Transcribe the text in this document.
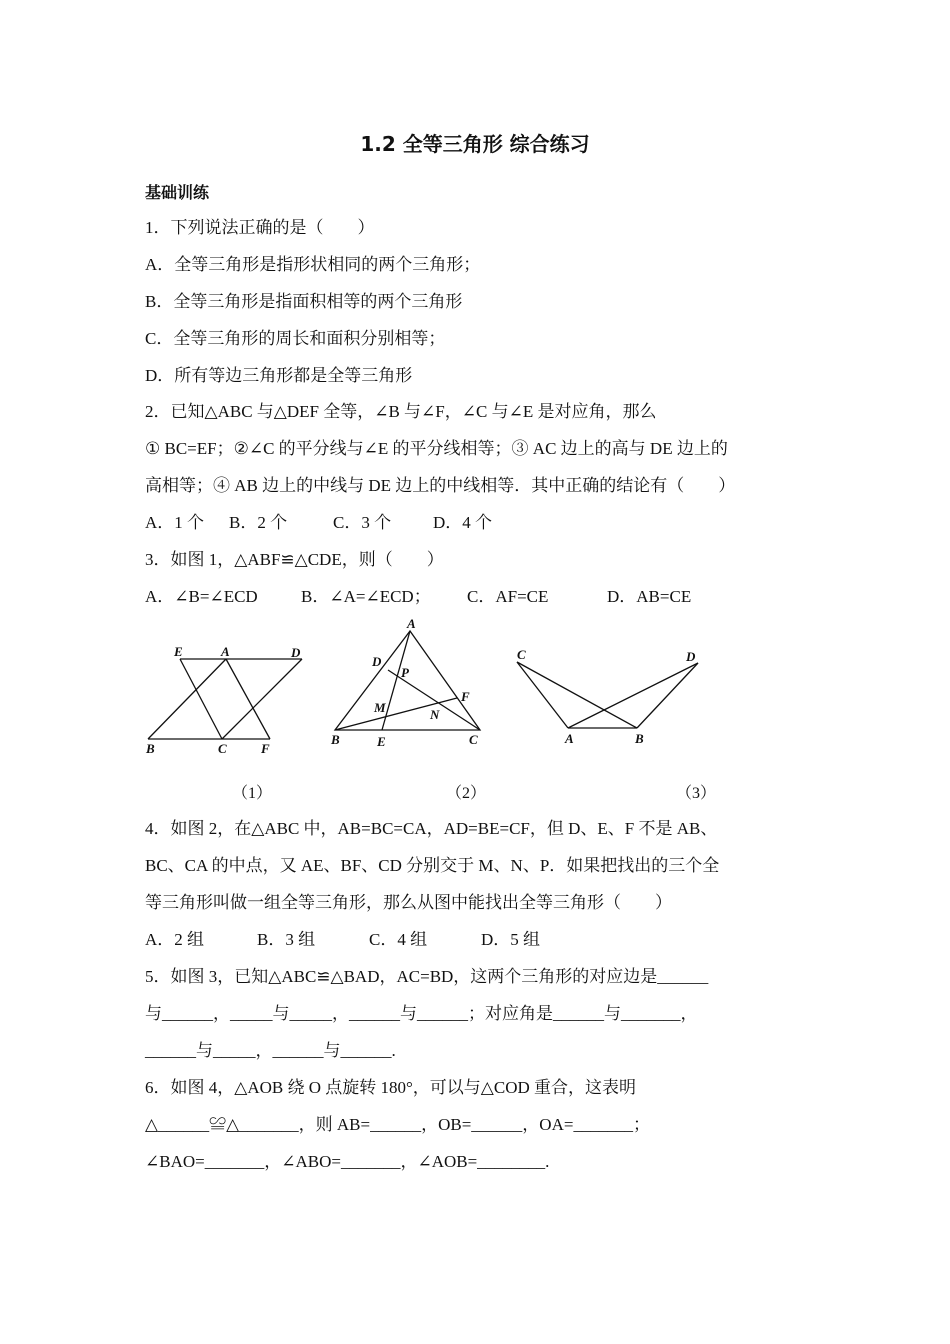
1.2 全等三角形 综合练习
基础训练
1．下列说法正确的是（　　）
A．全等三角形是指形状相同的两个三角形；
B．全等三角形是指面积相等的两个三角形
C．全等三角形的周长和面积分别相等；
D．所有等边三角形都是全等三角形
2．已知△ABC 与△DEF 全等，∠B 与∠F，∠C 与∠E 是对应角，那么
① BC=EF；②∠C 的平分线与∠E 的平分线相等；③ AC 边上的高与 DE 边上的
高相等；④ AB 边上的中线与 DE 边上的中线相等．其中正确的结论有（　　）
A．1 个 B．2 个	C．3 个 D．4 个
3．如图 1，△ABF≌△CDE，则（　　）
A．∠B=∠ECD	B．∠A=∠ECD； C．AF=CE	D．AB=CE
E	A	D
B	C	F
A
D
P
F
M	N
B	E	C
C	D
A	B
（1）	（2）	（3）
4．如图 2，在△ABC 中，AB=BC=CA，AD=BE=CF，但 D、E、F 不是 AB、
BC、CA 的中点，又 AE、BF、CD 分别交于 M、N、P．如果把找出的三个全
等三角形叫做一组全等三角形，那么从图中能找出全等三角形（　　）
A．2 组	B．3 组	C．4 组	D．5 组
5．如图 3，已知△ABC≌△BAD，AC=BD，这两个三角形的对应边是______
与______，_____与_____，______与______；对应角是______与_______，
______与_____，______与______.
6．如图 4，△AOB 绕 O 点旋转 180°，可以与△COD 重合，这表明
△______≌△_______，则 AB=______，OB=______，OA=_______；
∠BAO=_______，∠ABO=_______，∠AOB=________.
